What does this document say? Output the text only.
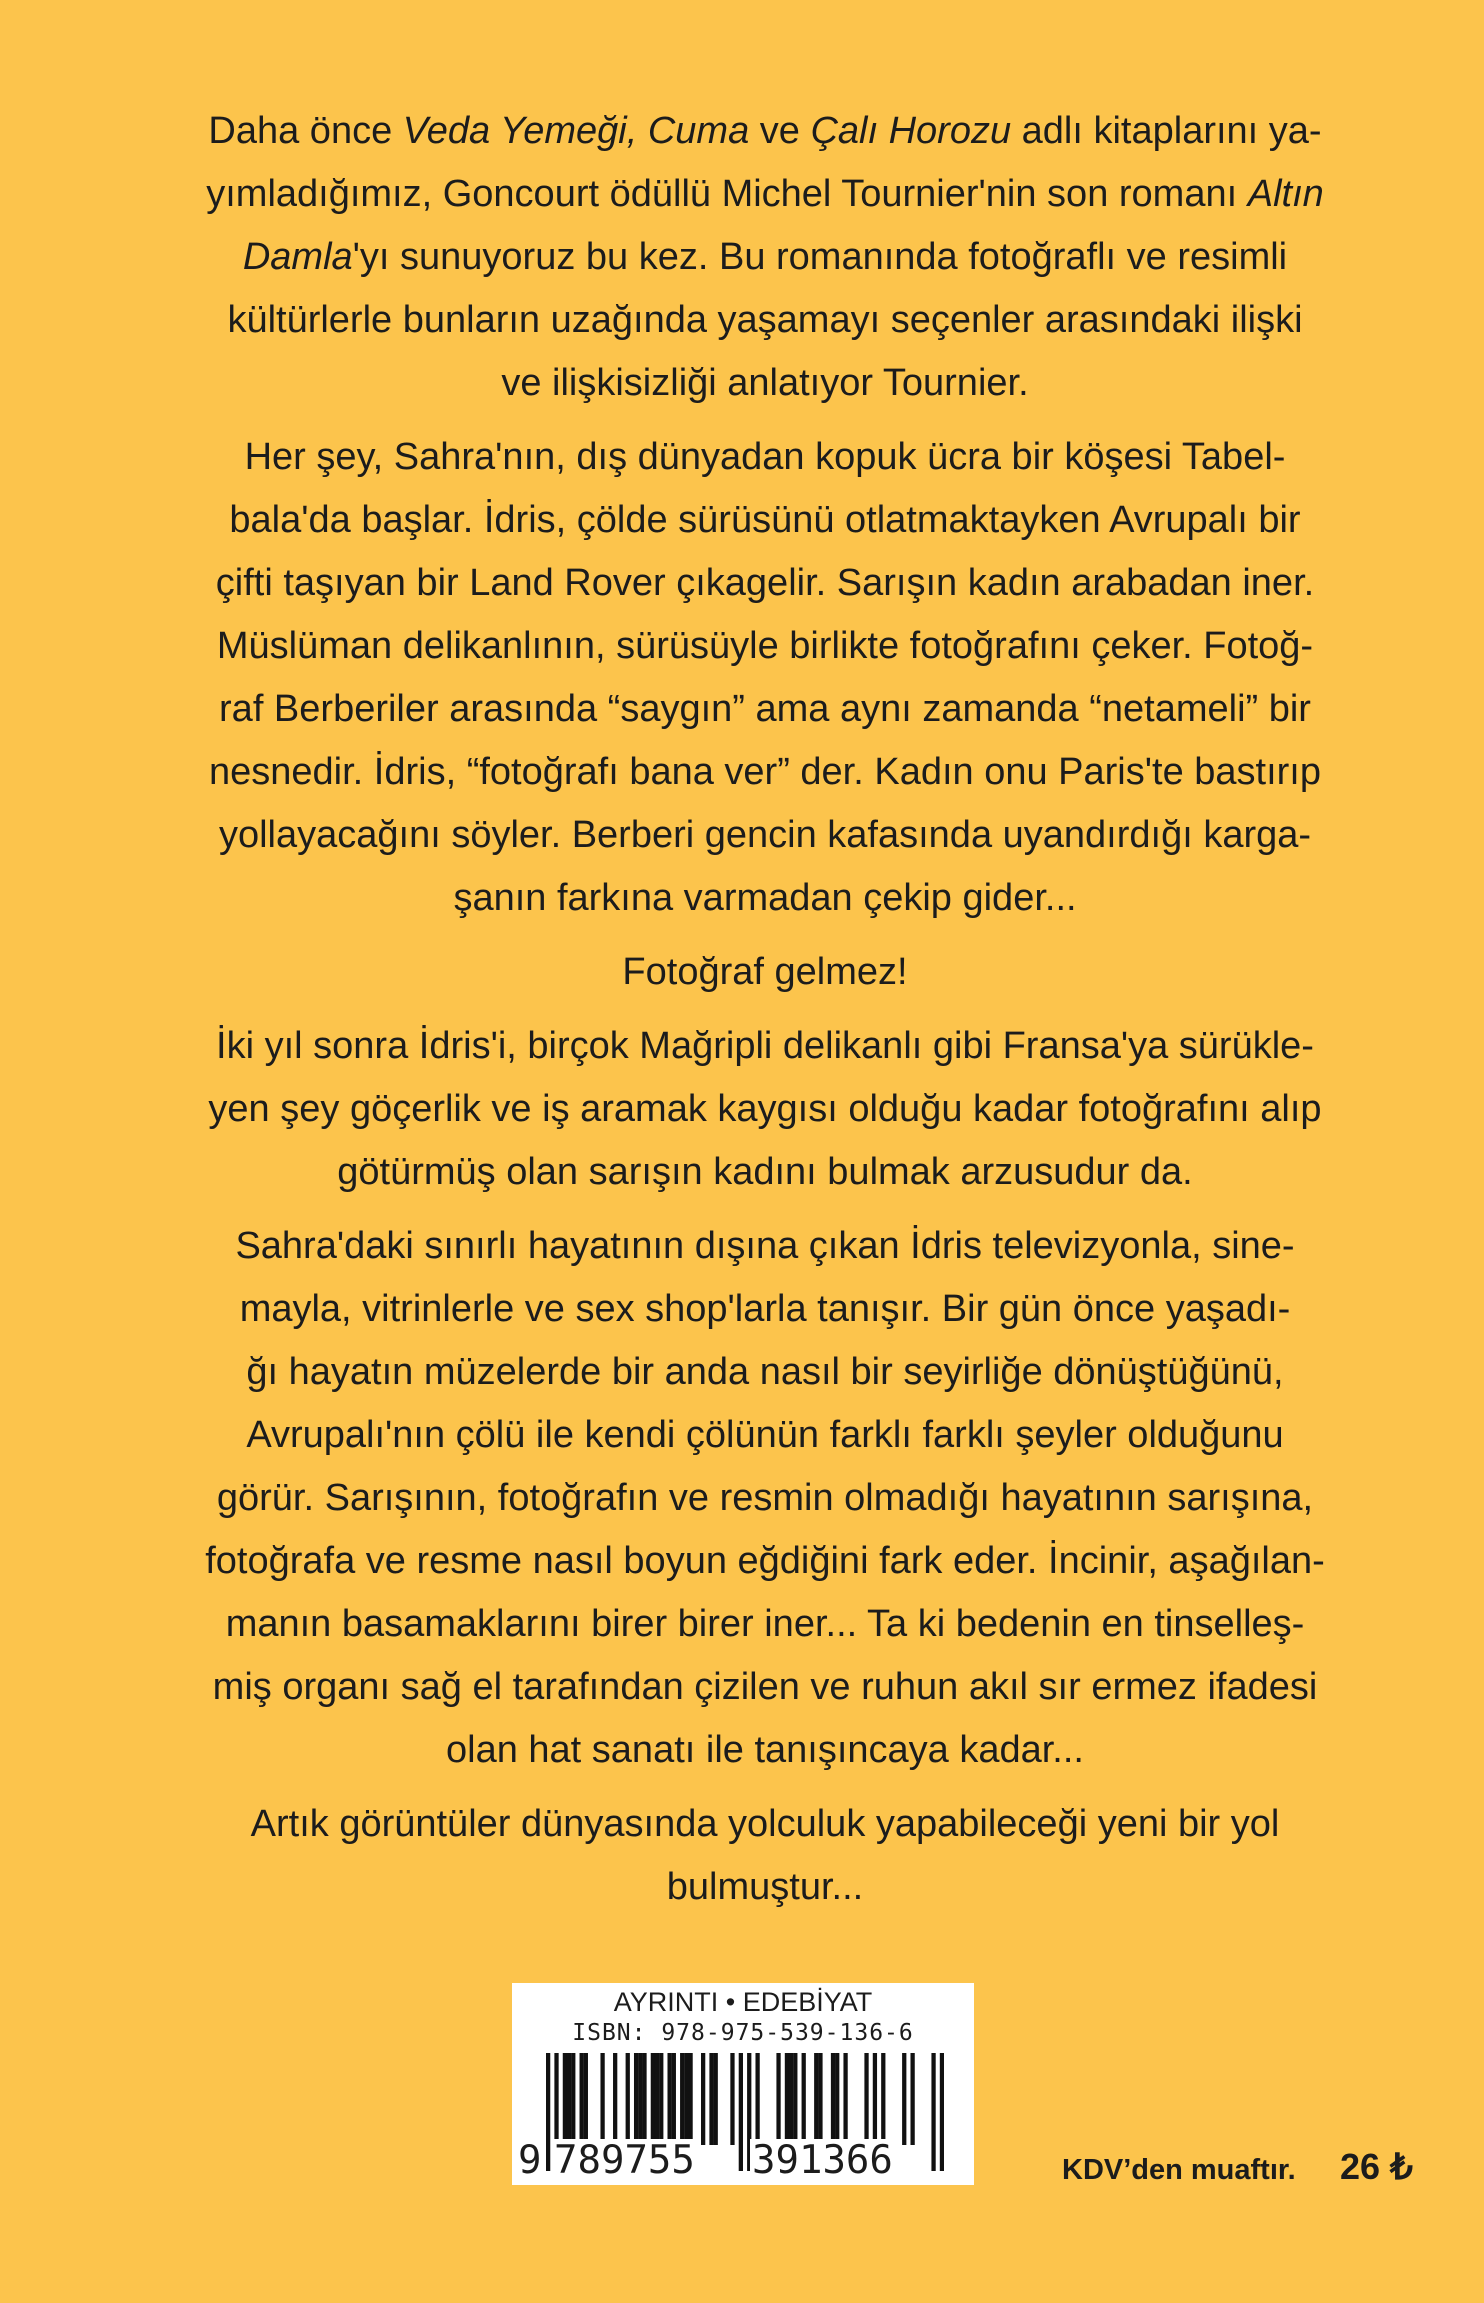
Daha önce Veda Yemeği, Cuma ve Çalı Horozu adlı kitaplarını ya-
yımladığımız, Goncourt ödüllü Michel Tournier'nin son romanı Altın
Damla'yı sunuyoruz bu kez. Bu romanında fotoğraflı ve resimli
kültürlerle bunların uzağında yaşamayı seçenler arasındaki ilişki
ve ilişkisizliği anlatıyor Tournier.

Her şey, Sahra'nın, dış dünyadan kopuk ücra bir köşesi Tabel-
bala'da başlar. İdris, çölde sürüsünü otlatmaktayken Avrupalı bir
çifti taşıyan bir Land Rover çıkagelir. Sarışın kadın arabadan iner.
Müslüman delikanlının, sürüsüyle birlikte fotoğrafını çeker. Fotoğ-
raf Berberiler arasında “saygın” ama aynı zamanda “netameli” bir
nesnedir. İdris, “fotoğrafı bana ver” der. Kadın onu Paris'te bastırıp
yollayacağını söyler. Berberi gencin kafasında uyandırdığı karga-
şanın farkına varmadan çekip gider...

Fotoğraf gelmez!

İki yıl sonra İdris'i, birçok Mağripli delikanlı gibi Fransa'ya sürükle-
yen şey göçerlik ve iş aramak kaygısı olduğu kadar fotoğrafını alıp
götürmüş olan sarışın kadını bulmak arzusudur da.

Sahra'daki sınırlı hayatının dışına çıkan İdris televizyonla, sine-
mayla, vitrinlerle ve sex shop'larla tanışır. Bir gün önce yaşadı-
ğı hayatın müzelerde bir anda nasıl bir seyirliğe dönüştüğünü,
Avrupalı'nın çölü ile kendi çölünün farklı farklı şeyler olduğunu
görür. Sarışının, fotoğrafın ve resmin olmadığı hayatının sarışına,
fotoğrafa ve resme nasıl boyun eğdiğini fark eder. İncinir, aşağılan-
manın basamaklarını birer birer iner... Ta ki bedenin en tinselleş-
miş organı sağ el tarafından çizilen ve ruhun akıl sır ermez ifadesi
olan hat sanatı ile tanışıncaya kadar...

Artık görüntüler dünyasında yolculuk yapabileceği yeni bir yol
bulmuştur...

AYRINTI • EDEBİYAT
ISBN: 978-975-539-136-6
9 789755 391366	KDV’den muaftır. 26 ₺
